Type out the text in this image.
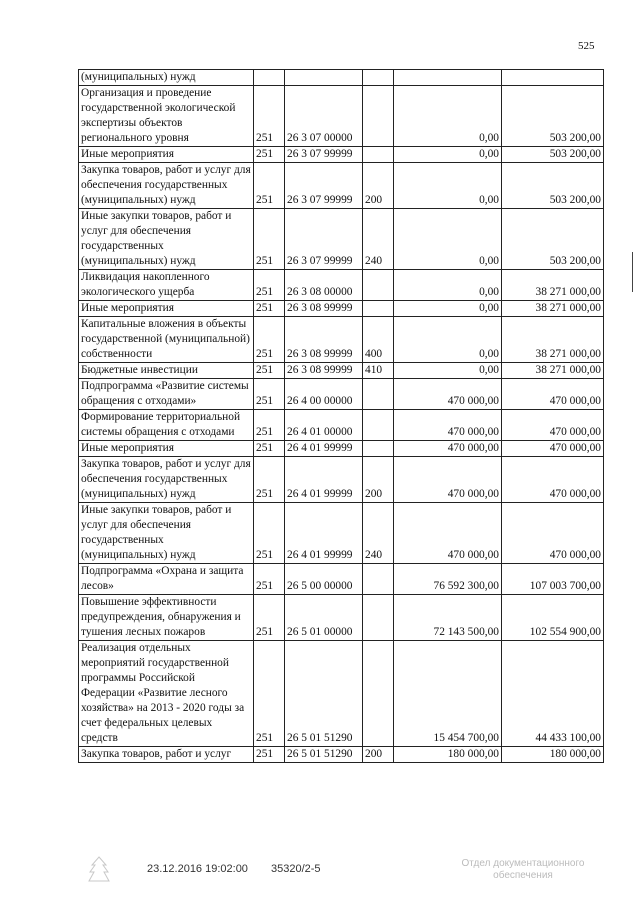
525
(муниципальных) нужд					
Организация и проведение государственной экологической экспертизы объектов регионального уровня	251	26 3 07 00000		0,00	503 200,00
Иные мероприятия	251	26 3 07 99999		0,00	503 200,00
Закупка товаров, работ и услуг для обеспечения государственных (муниципальных) нужд	251	26 3 07 99999	200	0,00	503 200,00
Иные закупки товаров, работ и услуг для обеспечения государственных (муниципальных) нужд	251	26 3 07 99999	240	0,00	503 200,00
Ликвидация накопленного экологического ущерба	251	26 3 08 00000		0,00	38 271 000,00
Иные мероприятия	251	26 3 08 99999		0,00	38 271 000,00
Капитальные вложения в объекты государственной (муниципальной) собственности	251	26 3 08 99999	400	0,00	38 271 000,00
Бюджетные инвестиции	251	26 3 08 99999	410	0,00	38 271 000,00
Подпрограмма «Развитие системы обращения с отходами»	251	26 4 00 00000		470 000,00	470 000,00
Формирование территориальной системы обращения с отходами	251	26 4 01 00000		470 000,00	470 000,00
Иные мероприятия	251	26 4 01 99999		470 000,00	470 000,00
Закупка товаров, работ и услуг для обеспечения государственных (муниципальных) нужд	251	26 4 01 99999	200	470 000,00	470 000,00
Иные закупки товаров, работ и услуг для обеспечения государственных (муниципальных) нужд	251	26 4 01 99999	240	470 000,00	470 000,00
Подпрограмма «Охрана и защита лесов»	251	26 5 00 00000		76 592 300,00	107 003 700,00
Повышение эффективности предупреждения, обнаружения и тушения лесных пожаров	251	26 5 01 00000		72 143 500,00	102 554 900,00
Реализация отдельных мероприятий государственной программы Российской Федерации «Развитие лесного хозяйства» на 2013 - 2020 годы за счет федеральных целевых средств	251	26 5 01 51290		15 454 700,00	44 433 100,00
Закупка товаров, работ и услуг	251	26 5 01 51290	200	180 000,00	180 000,00
23.12.2016 19:02:00 35320/2-5	Отдел документационного обеспечения
